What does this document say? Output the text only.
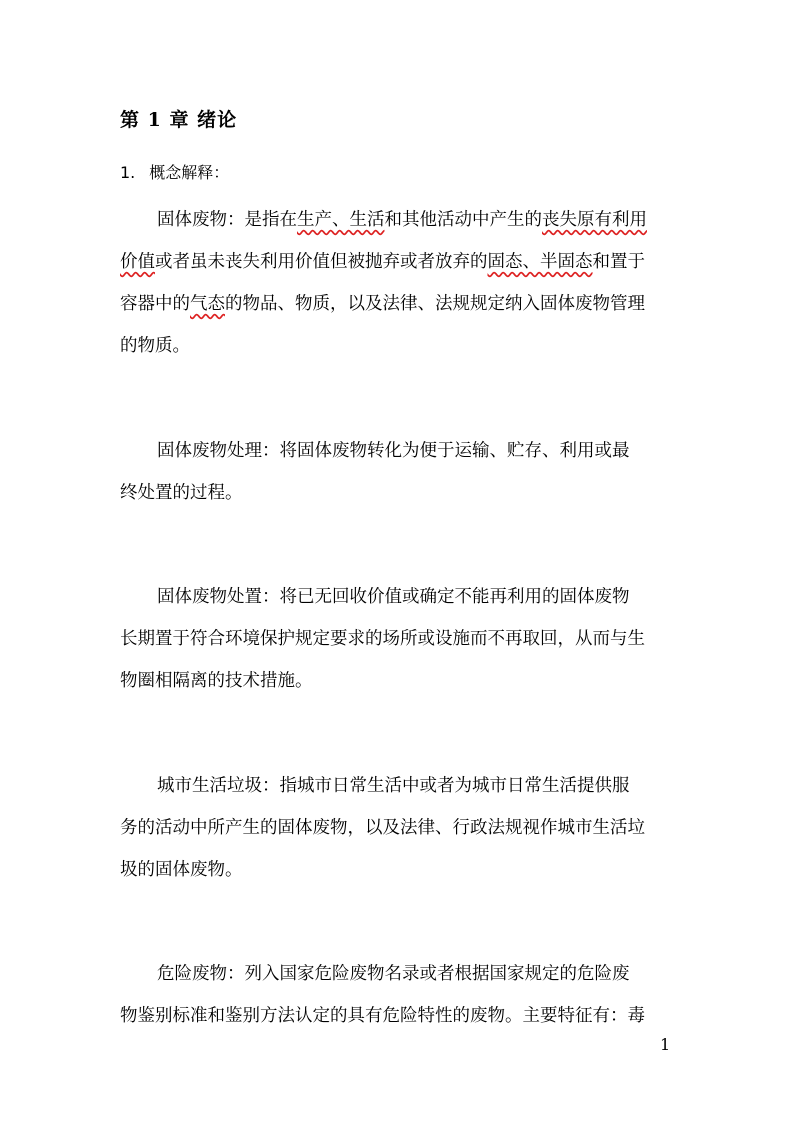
第 1 章 绪论
1. 概念解释：
固体废物：是指在生产、生活和其他活动中产生的丧失原有利用
价值或者虽未丧失利用价值但被抛弃或者放弃的固态、半固态和置于
容器中的气态的物品、物质，以及法律、法规规定纳入固体废物管理
的物质。
固体废物处理：将固体废物转化为便于运输、贮存、利用或最
终处置的过程。
固体废物处置：将已无回收价值或确定不能再利用的固体废物
长期置于符合环境保护规定要求的场所或设施而不再取回，从而与生
物圈相隔离的技术措施。
城市生活垃圾：指城市日常生活中或者为城市日常生活提供服
务的活动中所产生的固体废物，以及法律、行政法规视作城市生活垃
圾的固体废物。
危险废物：列入国家危险废物名录或者根据国家规定的危险废
物鉴别标准和鉴别方法认定的具有危险特性的废物。主要特征有：毒
1
